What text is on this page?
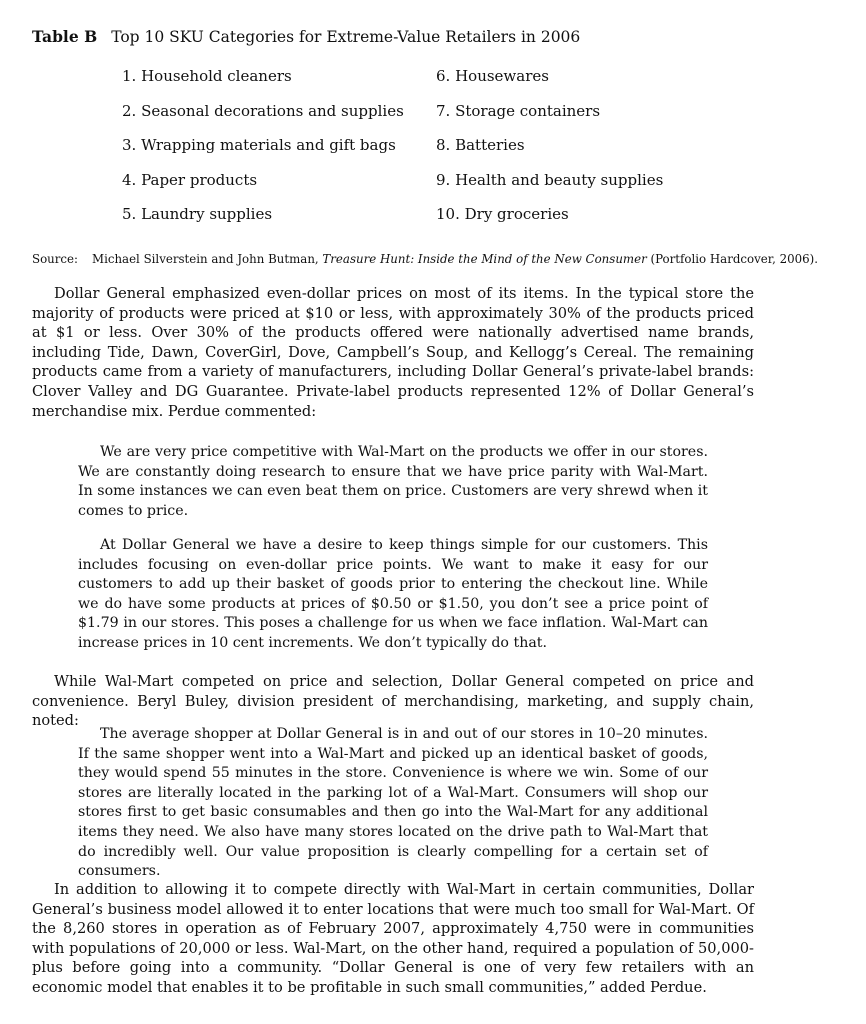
Table B Top 10 SKU Categories for Extreme-Value Retailers in 2006
1. Household cleaners
2. Seasonal decorations and supplies
3. Wrapping materials and gift bags
4. Paper products
5. Laundry supplies
6. Housewares
7. Storage containers
8. Batteries
9. Health and beauty supplies
10. Dry groceries
Source: Michael Silverstein and John Butman, Treasure Hunt: Inside the Mind of the New Consumer (Portfolio Hardcover, 2006).

Dollar General emphasized even-dollar prices on most of its items. In the typical store the majority of products were priced at $10 or less, with approximately 30% of the products priced at $1 or less. Over 30% of the products offered were nationally advertised name brands, including Tide, Dawn, CoverGirl, Dove, Campbell’s Soup, and Kellogg’s Cereal. The remaining products came from a variety of manufacturers, including Dollar General’s private-label brands: Clover Valley and DG Guarantee. Private-label products represented 12% of Dollar General’s merchandise mix. Perdue commented:

We are very price competitive with Wal-Mart on the products we offer in our stores. We are constantly doing research to ensure that we have price parity with Wal-Mart. In some instances we can even beat them on price. Customers are very shrewd when it comes to price.

At Dollar General we have a desire to keep things simple for our customers. This includes focusing on even-dollar price points. We want to make it easy for our customers to add up their basket of goods prior to entering the checkout line. While we do have some products at prices of $0.50 or $1.50, you don’t see a price point of $1.79 in our stores. This poses a challenge for us when we face inflation. Wal-Mart can increase prices in 10 cent increments. We don’t typically do that.

While Wal-Mart competed on price and selection, Dollar General competed on price and convenience. Beryl Buley, division president of merchandising, marketing, and supply chain, noted:

The average shopper at Dollar General is in and out of our stores in 10–20 minutes. If the same shopper went into a Wal-Mart and picked up an identical basket of goods, they would spend 55 minutes in the store. Convenience is where we win. Some of our stores are literally located in the parking lot of a Wal-Mart. Consumers will shop our stores first to get basic consumables and then go into the Wal-Mart for any additional items they need. We also have many stores located on the drive path to Wal-Mart that do incredibly well. Our value proposition is clearly compelling for a certain set of consumers.

In addition to allowing it to compete directly with Wal-Mart in certain communities, Dollar General’s business model allowed it to enter locations that were much too small for Wal-Mart. Of the 8,260 stores in operation as of February 2007, approximately 4,750 were in communities with populations of 20,000 or less. Wal-Mart, on the other hand, required a population of 50,000-plus before going into a community. “Dollar General is one of very few retailers with an economic model that enables it to be profitable in such small communities,” added Perdue.
